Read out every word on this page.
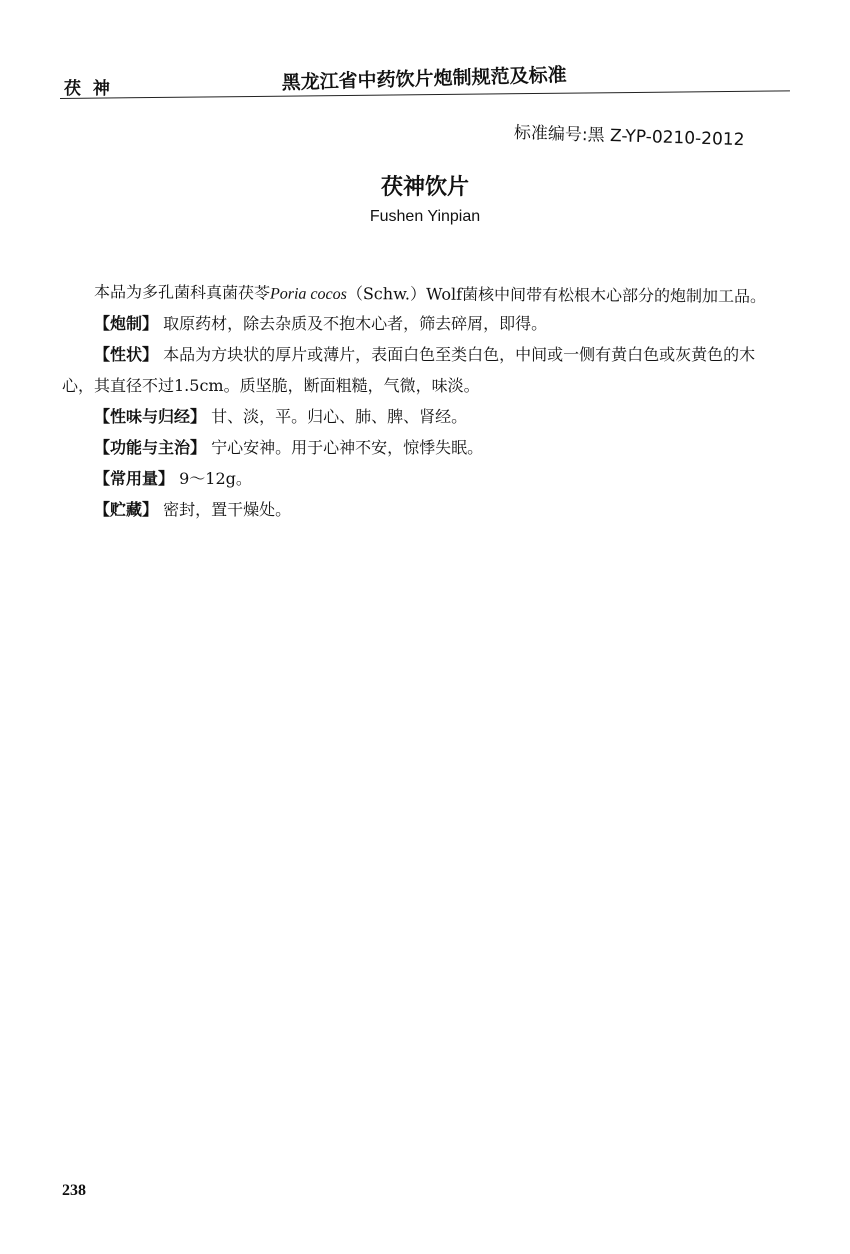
茯 神	黑龙江省中药饮片炮制规范及标准
标准编号:黑 Z-YP-0210-2012
茯神饮片
Fushen Yinpian

本品为多孔菌科真菌茯苓Poria cocos（Schw.）Wolf菌核中间带有松根木心部分的炮制加工品。

【炮制】 取原药材，除去杂质及不抱木心者，筛去碎屑，即得。

【性状】 本品为方块状的厚片或薄片，表面白色至类白色，中间或一侧有黄白色或灰黄色的木心，其直径不过1.5cm。质坚脆，断面粗糙，气微，味淡。

【性味与归经】 甘、淡，平。归心、肺、脾、肾经。

【功能与主治】 宁心安神。用于心神不安，惊悸失眠。

【常用量】 9～12g。

【贮藏】 密封，置干燥处。

238
